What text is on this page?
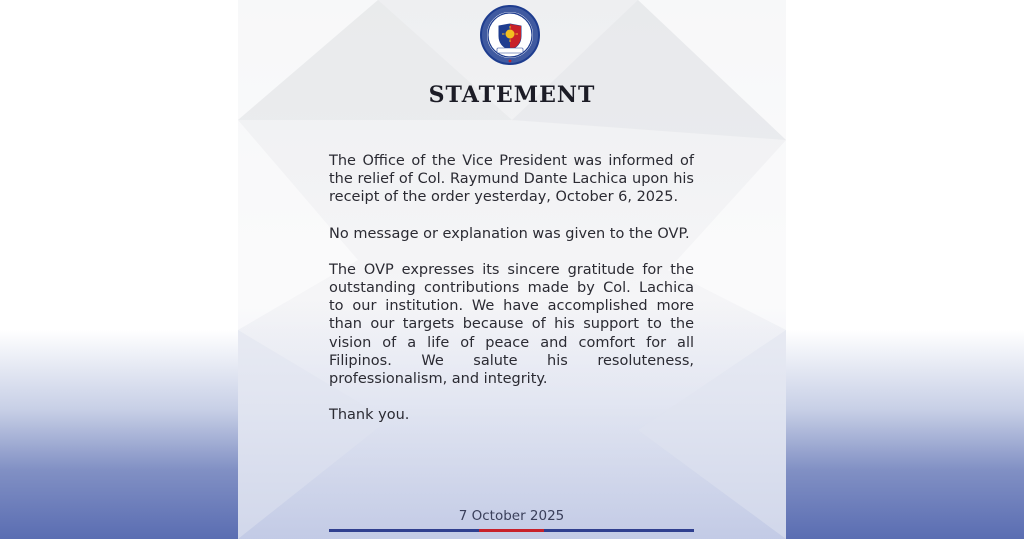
STATEMENT

The Office of the Vice President was informed of the relief of Col. Raymund Dante Lachica upon his receipt of the order yesterday, October 6, 2025.

No message or explanation was given to the OVP.

The OVP expresses its sincere gratitude for the outstanding contributions made by Col. Lachica to our institution. We have accomplished more than our targets because of his support to the vision of a life of peace and comfort for all Filipinos. We salute his resoluteness, professionalism, and integrity.

Thank you.

7 October 2025
